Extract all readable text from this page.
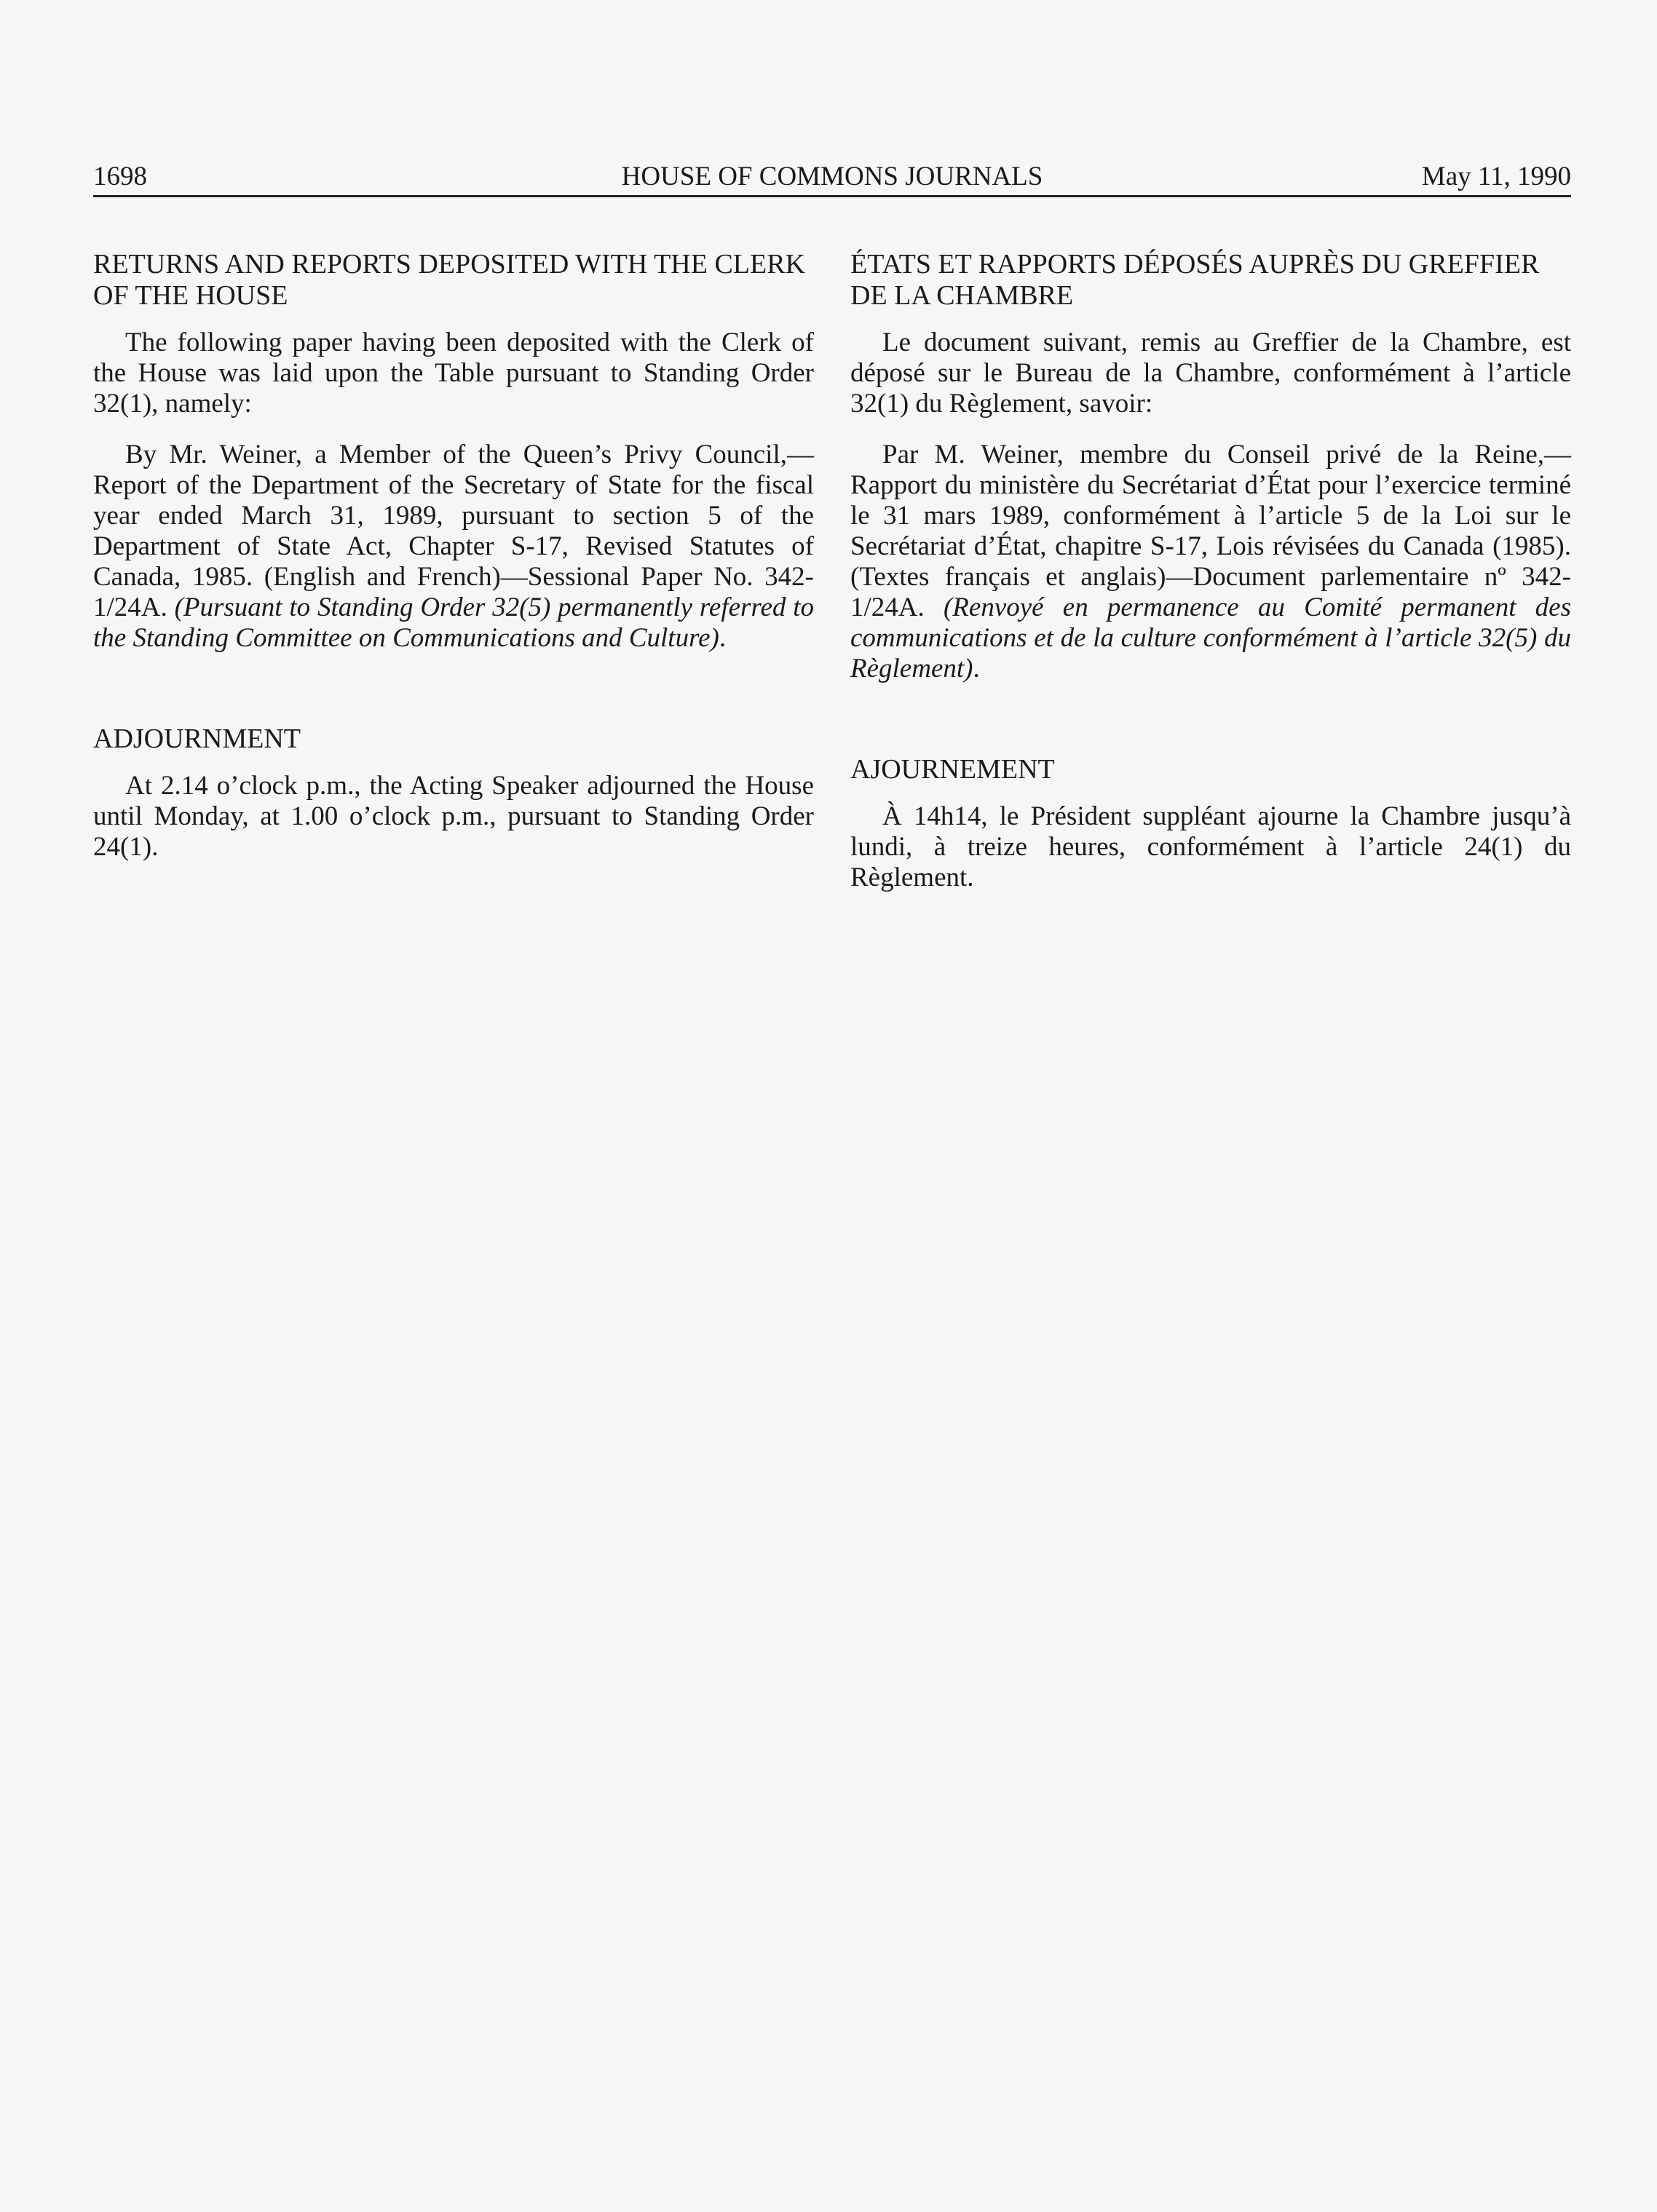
1698	HOUSE OF COMMONS JOURNALS	May 11, 1990
RETURNS AND REPORTS DEPOSITED WITH THE CLERK OF THE HOUSE

The following paper having been deposited with the Clerk of the House was laid upon the Table pursuant to Standing Order 32(1), namely:

By Mr. Weiner, a Member of the Queen’s Privy Council,—Report of the Department of the Secretary of State for the fiscal year ended March 31, 1989, pursuant to section 5 of the Department of State Act, Chapter S-17, Revised Statutes of Canada, 1985. (English and French)—Sessional Paper No. 342-1/24A. (Pursuant to Standing Order 32(5) permanently referred to the Standing Committee on Communications and Culture).

ADJOURNMENT

At 2.14 o’clock p.m., the Acting Speaker adjourned the House until Monday, at 1.00 o’clock p.m., pursuant to Standing Order 24(1).

ÉTATS ET RAPPORTS DÉPOSÉS AUPRÈS DU GREFFIER DE LA CHAMBRE

Le document suivant, remis au Greffier de la Chambre, est déposé sur le Bureau de la Chambre, conformément à l’article 32(1) du Règlement, savoir:

Par M. Weiner, membre du Conseil privé de la Reine,—Rapport du ministère du Secrétariat d’État pour l’exercice terminé le 31 mars 1989, conformément à l’article 5 de la Loi sur le Secrétariat d’État, chapitre S-17, Lois révisées du Canada (1985). (Textes français et anglais)—Document parlementaire nº 342-1/24A. (Renvoyé en permanence au Comité permanent des communications et de la culture conformément à l’article 32(5) du Règlement).

AJOURNEMENT

À 14h14, le Président suppléant ajourne la Chambre jusqu’à lundi, à treize heures, conformément à l’article 24(1) du Règlement.
